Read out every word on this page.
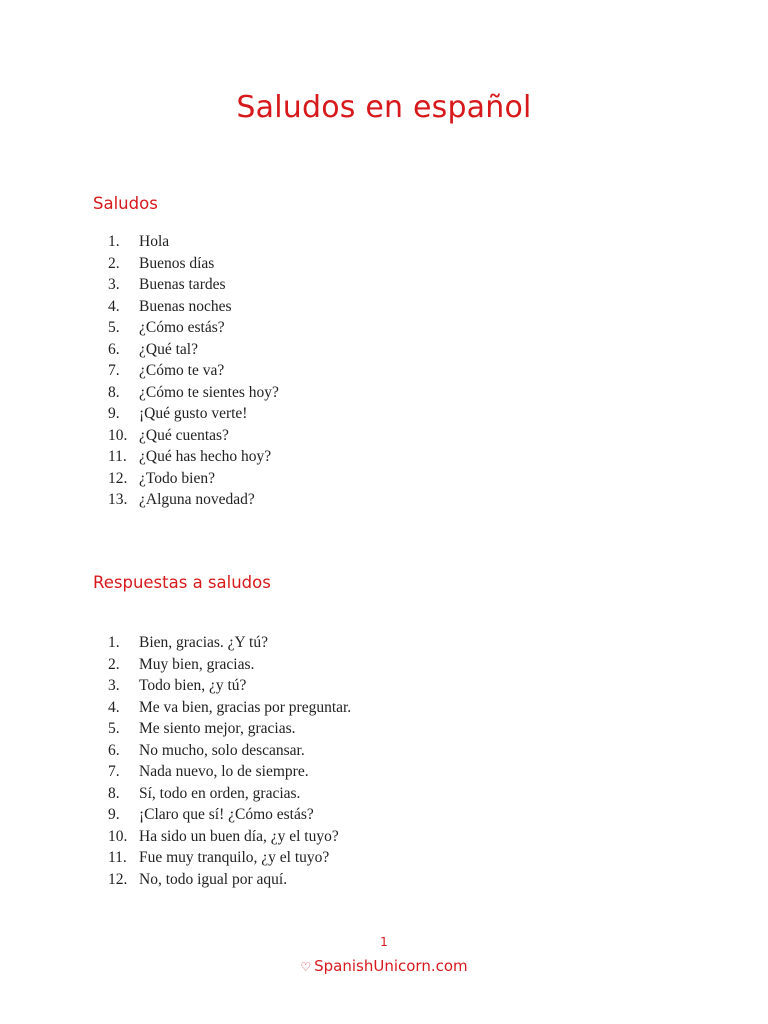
Saludos en español
Saludos
1. Hola
2. Buenos días
3. Buenas tardes
4. Buenas noches
5. ¿Cómo estás?
6. ¿Qué tal?
7. ¿Cómo te va?
8. ¿Cómo te sientes hoy?
9. ¡Qué gusto verte!
10. ¿Qué cuentas?
11. ¿Qué has hecho hoy?
12. ¿Todo bien?
13. ¿Alguna novedad?
Respuestas a saludos
1. Bien, gracias. ¿Y tú?
2. Muy bien, gracias.
3. Todo bien, ¿y tú?
4. Me va bien, gracias por preguntar.
5. Me siento mejor, gracias.
6. No mucho, solo descansar.
7. Nada nuevo, lo de siempre.
8. Sí, todo en orden, gracias.
9. ¡Claro que sí! ¿Cómo estás?
10. Ha sido un buen día, ¿y el tuyo?
11. Fue muy tranquilo, ¿y el tuyo?
12. No, todo igual por aquí.
1
♡ SpanishUnicorn.com
